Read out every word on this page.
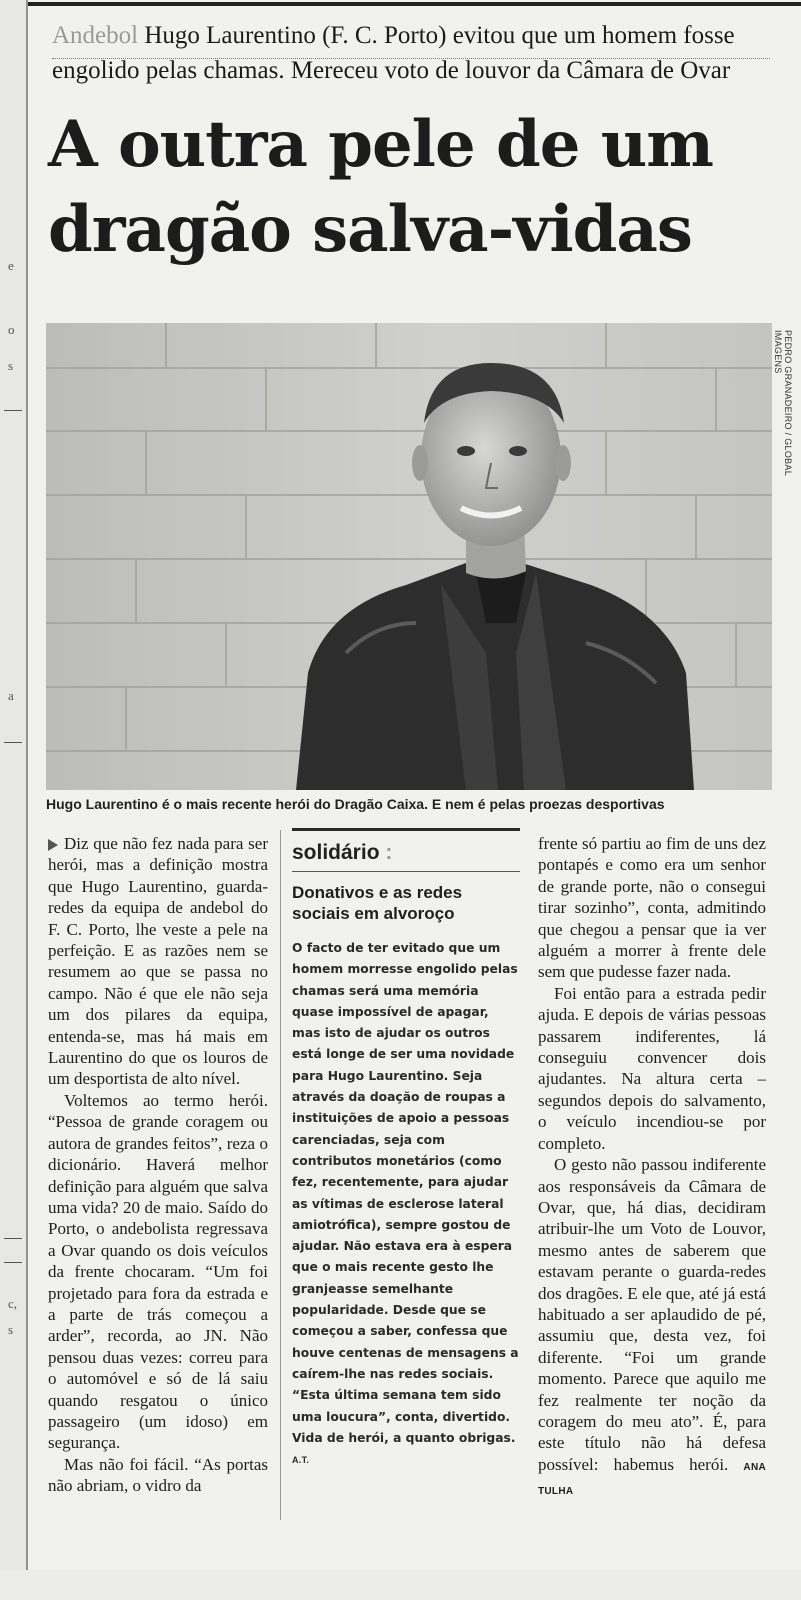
e
o
s
a
c,
s
Andebol Hugo Laurentino (F. C. Porto) evitou que um homem fosse engolido pelas chamas. Mereceu voto de louvor da Câmara de Ovar
A outra pele de um
dragão salva-vidas
PEDRO GRANADEIRO / GLOBAL IMAGENS
Hugo Laurentino é o mais recente herói do Dragão Caixa. E nem é pelas proezas desportivas

Diz que não fez nada para ser herói, mas a definição mostra que Hugo Laurentino, guarda-redes da equipa de andebol do F. C. Porto, lhe veste a pele na perfeição. E as razões nem se resumem ao que se passa no campo. Não é que ele não seja um dos pilares da equipa, entenda-se, mas há mais em Laurentino do que os louros de um desportista de alto nível.

Voltemos ao termo herói. “Pessoa de grande coragem ou autora de grandes feitos”, reza o dicionário. Haverá melhor definição para alguém que salva uma vida? 20 de maio. Saído do Porto, o andebolista regressava a Ovar quando os dois veículos da frente chocaram. “Um foi projetado para fora da estrada e a parte de trás começou a arder”, recorda, ao JN. Não pensou duas vezes: correu para o automóvel e só de lá saiu quando resgatou o único passageiro (um idoso) em segurança.

Mas não foi fácil. “As portas não abriam, o vidro da

solidário :
Donativos e as redes sociais em alvoroço
O facto de ter evitado que um homem morresse engolido pelas chamas será uma memória quase impossível de apagar, mas isto de ajudar os outros está longe de ser uma novidade para Hugo Laurentino. Seja através da doação de roupas a instituições de apoio a pessoas carenciadas, seja com contributos monetários (como fez, recentemente, para ajudar as vítimas de esclerose lateral amiotrófica), sempre gostou de ajudar. Não estava era à espera que o mais recente gesto lhe granjeasse semelhante popularidade. Desde que se começou a saber, confessa que houve centenas de mensagens a caírem-lhe nas redes sociais. “Esta última semana tem sido uma loucura”, conta, divertido. Vida de herói, a quanto obrigas. A.T.

frente só partiu ao fim de uns dez pontapés e como era um senhor de grande porte, não o consegui tirar sozinho”, conta, admitindo que chegou a pensar que ia ver alguém a morrer à frente dele sem que pudesse fazer nada.

Foi então para a estrada pedir ajuda. E depois de várias pessoas passarem indiferentes, lá conseguiu convencer dois ajudantes. Na altura certa – segundos depois do salvamento, o veículo incendiou-se por completo.

O gesto não passou indiferente aos responsáveis da Câmara de Ovar, que, há dias, decidiram atribuir-lhe um Voto de Louvor, mesmo antes de saberem que estavam perante o guarda-redes dos dragões. E ele que, até já está habituado a ser aplaudido de pé, assumiu que, desta vez, foi diferente. “Foi um grande momento. Parece que aquilo me fez realmente ter noção da coragem do meu ato”. É, para este título não há defesa possível: habemus herói. ANA TULHA
